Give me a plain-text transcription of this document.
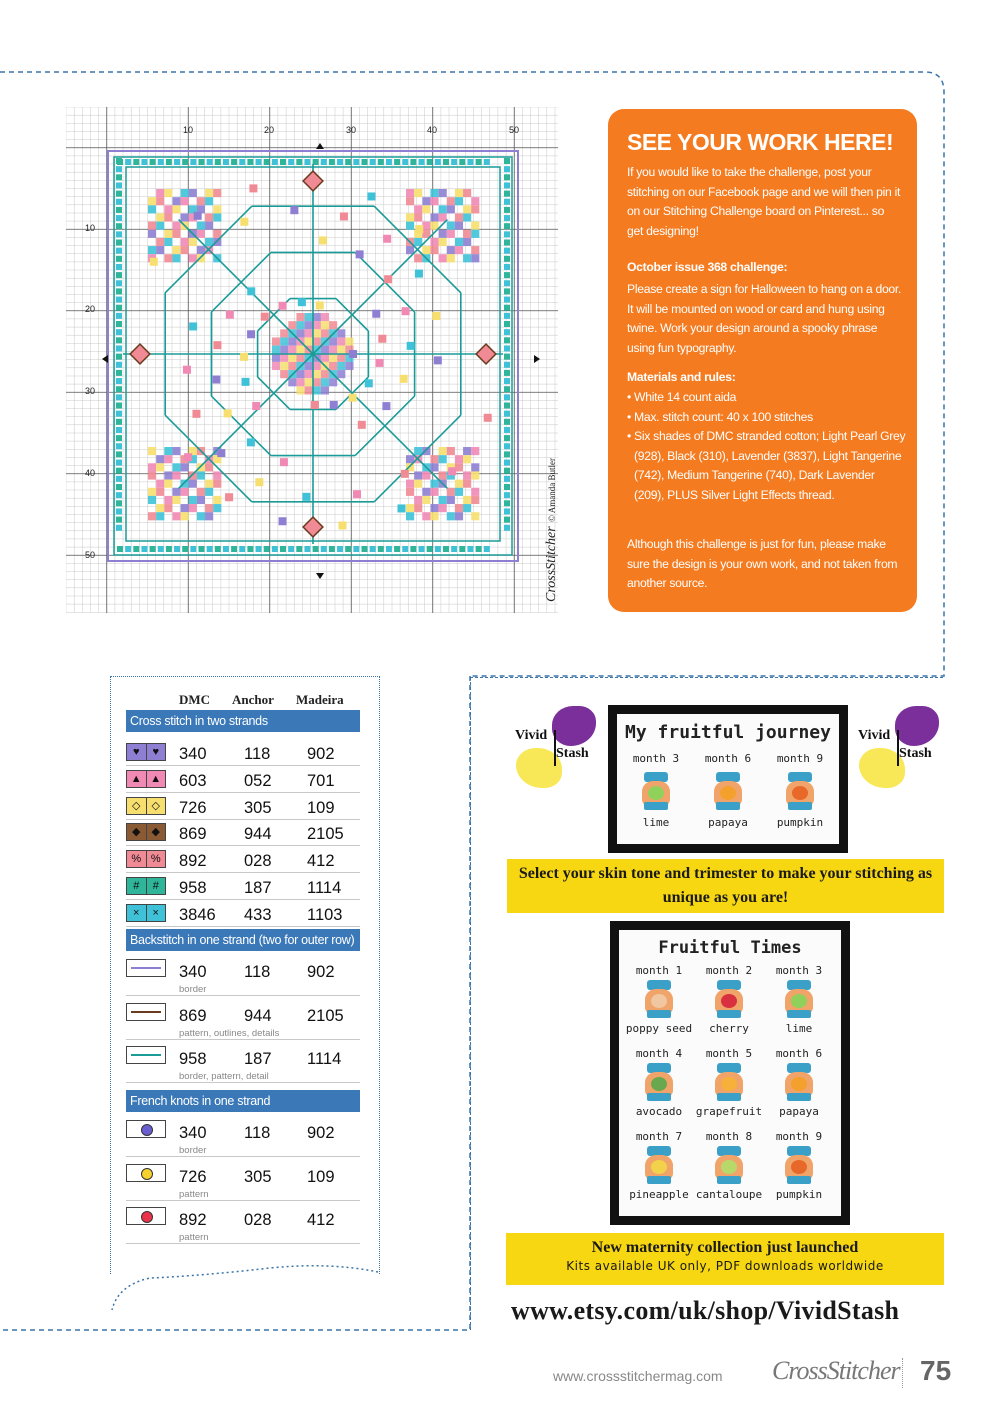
10	20	30	40	50
10
20
30
40
50	CrossStitcher © Amanda Butler
SEE YOUR WORK HERE!
If you would like to take the challenge, post your stitching on our Facebook page and we will then pin it on our Stitching Challenge board on Pinterest... so get designing!
October issue 368 challenge:
Please create a sign for Halloween to hang on a door. It will be mounted on wood or card and hung using twine. Work your design around a spooky phrase using fun typography.
Materials and rules:
• White 14 count aida
• Max. stitch count: 40 x 100 stitches
• Six shades of DMC stranded cotton; Light Pearl Grey (928), Black (310), Lavender (3837), Light Tangerine (742), Medium Tangerine (740), Dark Lavender (209), PLUS Silver Light Effects thread.
Although this challenge is just for fun, please make sure the design is your own work, and not taken from another source.
DMC Anchor Madeira
Cross stitch in two strands
♥	♥	340 118 902
▲ ▲ 603 052 701
◇	◇	726 305 109
◆	◆	869 944 2105
% % 892 028 412
#	#	958 187 1114
×	×	3846 433 1103
Backstitch in one strand (two for outer row)
340 118 902
border
869 944 2105
pattern, outlines, details
958 187 1114
border, pattern, detail
French knots in one strand
340 118 902
border
726 305 109
pattern
892 028 412
pattern
Vivid
Stash
Vivid
Stash
My fruitful journey
month 3
lime
month 6
papaya
month 9
pumpkin
Select your skin tone and trimester to make your stitching as unique as you are!
Fruitful Times
month 1
poppy seed
month 2
cherry
month 3
lime
month 4
avocado
month 5
grapefruit
month 6
papaya
month 7
pineapple
month 8
cantaloupe
month 9
pumpkin
New maternity collection just launched
Kits available UK only, PDF downloads worldwide
www.etsy.com/uk/shop/VividStash
www.crossstitchermag.com CrossStitcher 75
